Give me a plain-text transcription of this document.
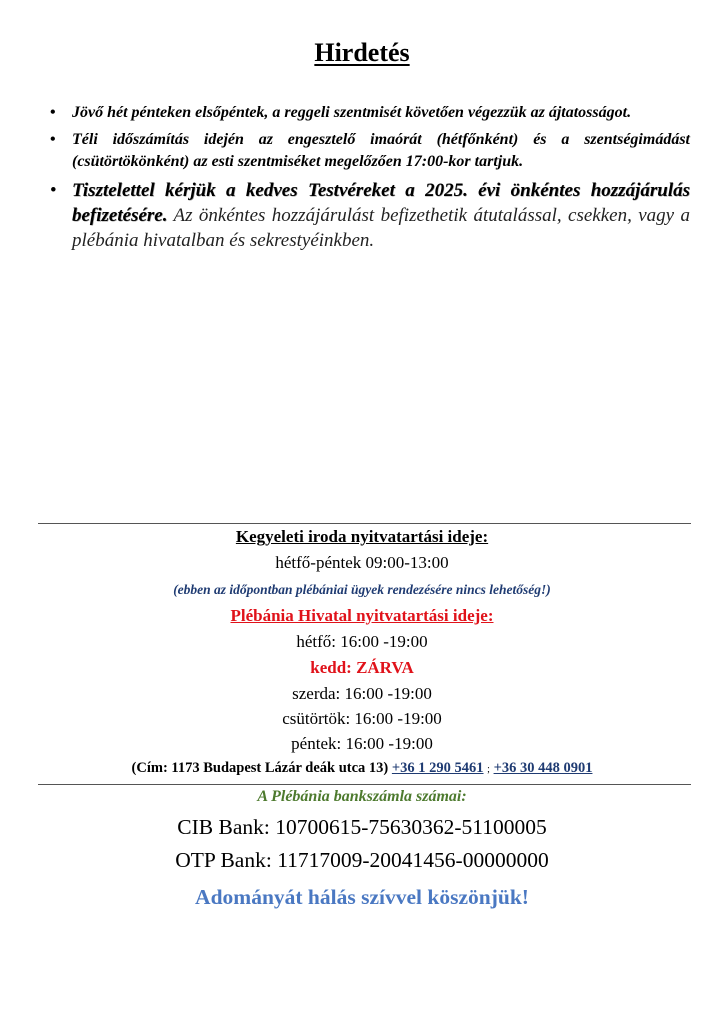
Hirdetés
• Jövő hét pénteken elsőpéntek, a reggeli szentmisét követően végezzük az ájtatosságot.
• Téli időszámítás idején az engesztelő imaórát (hétfőnként) és a szentségimádást (csütörtökönként) az esti szentmiséket megelőzően 17:00-kor tartjuk.
• Tisztelettel kérjük a kedves Testvéreket a 2025. évi önkéntes hozzájárulás befizetésére. Az önkéntes hozzájárulást befizethetik átutalással, csekken, vagy a plébánia hivatalban és sekrestyéinkben.
Kegyeleti iroda nyitvatartási ideje:
hétfő-péntek 09:00-13:00
(ebben az időpontban plébániai ügyek rendezésére nincs lehetőség!)
Plébánia Hivatal nyitvatartási ideje:
hétfő: 16:00 -19:00
kedd: ZÁRVA
szerda: 16:00 -19:00
csütörtök: 16:00 -19:00
péntek: 16:00 -19:00
(Cím: 1173 Budapest Lázár deák utca 13) +36 1 290 5461 ; +36 30 448 0901
A Plébánia bankszámla számai:
CIB Bank: 10700615-75630362-51100005
OTP Bank: 11717009-20041456-00000000
Adományát hálás szívvel köszönjük!
